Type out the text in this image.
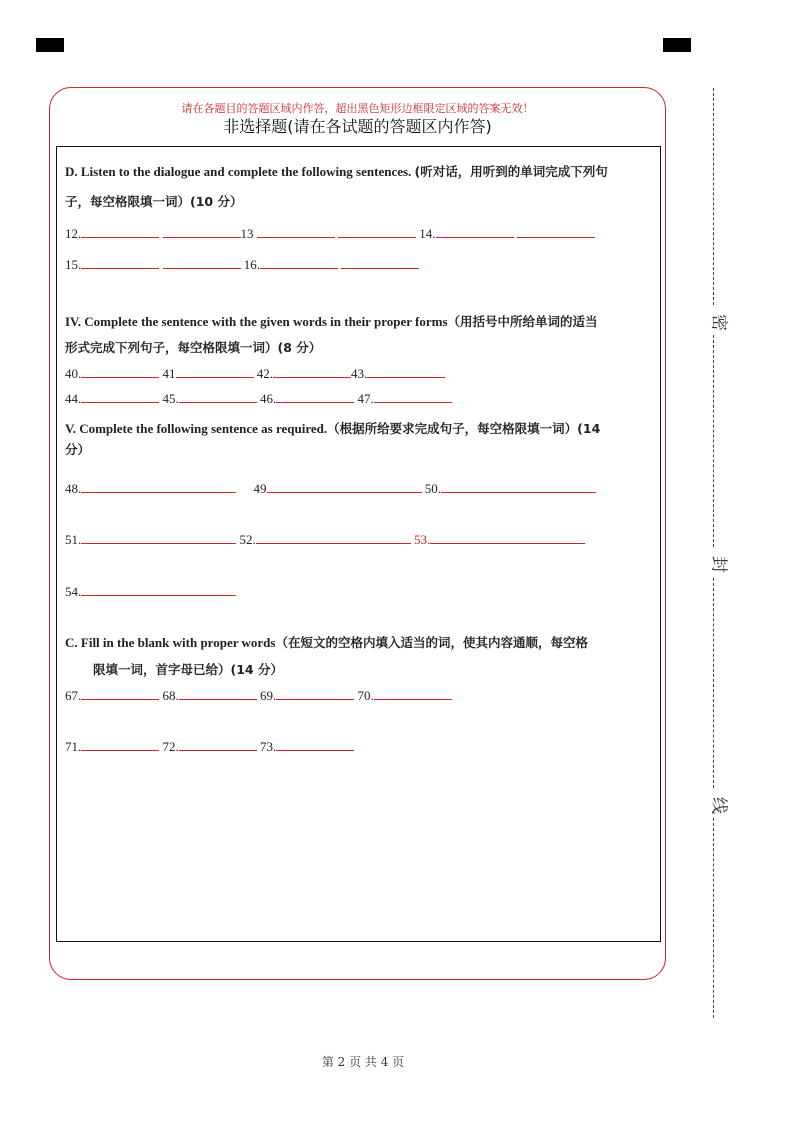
密
封
线
请在各题目的答题区域内作答，超出黑色矩形边框限定区域的答案无效！
非选择题(请在各试题的答题区内作答)
D. Listen to the dialogue and complete the following sentences. (听对话，用听到的单词完成下列句
子，每空格限填一词）(10 分）
12.	13	14.
15.	16.
IV. Complete the sentence with the given words in their proper forms（用括号中所给单词的适当
形式完成下列句子，每空格限填一词）(8 分）
40.	41	42.	43.
44.	45.	46.	47.
V. Complete the following sentence as required.（根据所给要求完成句子，每空格限填一词）(14
分）
48.	49	50.
51.	52.	53.
54.
C. Fill in the blank with proper words（在短文的空格内填入适当的词，使其内容通顺，每空格
限填一词，首字母已给）(14 分）
67.	68.	69.	70.
71.	72.	73.
第 2 页 共 4 页
